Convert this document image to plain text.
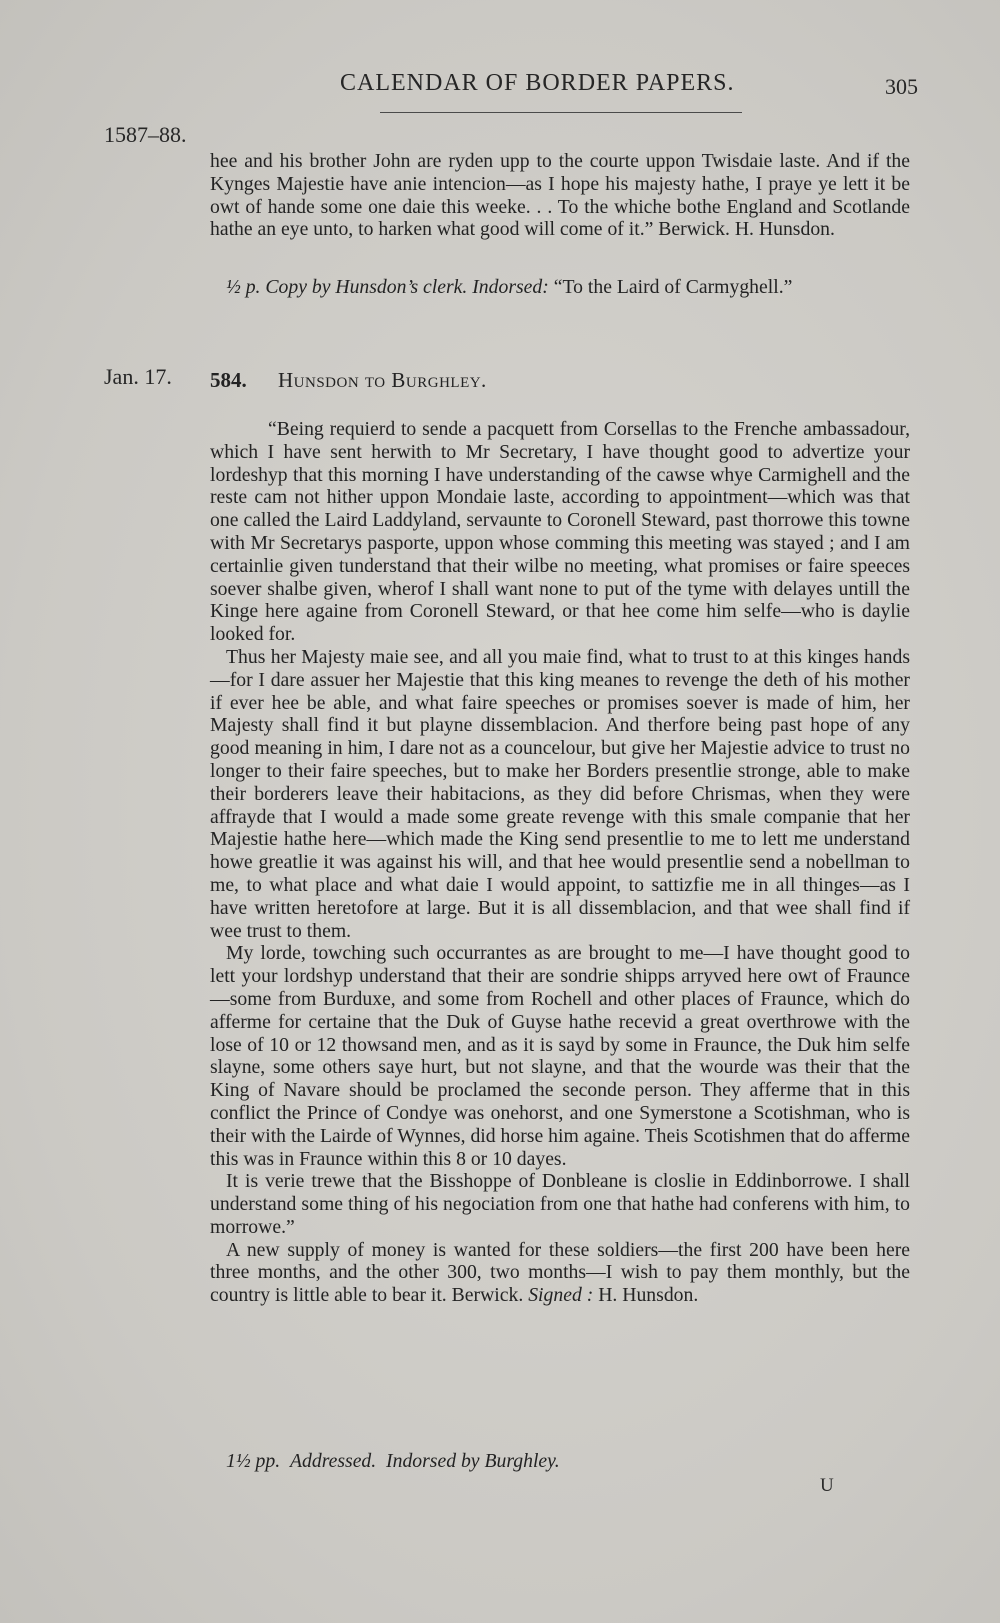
CALENDAR OF BORDER PAPERS.	305
1587–88.

hee and his brother John are ryden upp to the courte uppon Twisdaie laste. And if the Kynges Majestie have anie intencion—as I hope his majesty hathe, I praye ye lett it be owt of hande some one daie this weeke. . . To the whiche bothe England and Scotlande hathe an eye unto, to harken what good will come of it.” Berwick. H. Hunsdon.

½ p. Copy by Hunsdon’s clerk. Indorsed: “To the Laird of Carmyghell.”
Jan. 17. 584. Hunsdon to Burghley.

“Being requierd to sende a pacquett from Corsellas to the Frenche ambassadour, which I have sent herwith to Mr Secretary, I have thought good to advertize your lordeshyp that this morning I have understanding of the cawse whye Carmighell and the reste cam not hither uppon Mondaie laste, according to appointment—which was that one called the Laird Laddyland, servaunte to Coronell Steward, past thorrowe this towne with Mr Secretarys pasporte, uppon whose comming this meeting was stayed ; and I am certainlie given tunderstand that their wilbe no meeting, what promises or faire speeces soever shalbe given, wherof I shall want none to put of the tyme with delayes untill the Kinge here againe from Coronell Steward, or that hee come him selfe—who is daylie looked for.

Thus her Majesty maie see, and all you maie find, what to trust to at this kinges hands—for I dare assuer her Majestie that this king meanes to revenge the deth of his mother if ever hee be able, and what faire speeches or promises soever is made of him, her Majesty shall find it but playne dissemblacion. And therfore being past hope of any good meaning in him, I dare not as a councelour, but give her Majestie advice to trust no longer to their faire speeches, but to make her Borders presentlie stronge, able to make their borderers leave their habitacions, as they did before Chrismas, when they were affrayde that I would a made some greate revenge with this smale companie that her Majestie hathe here—which made the King send presentlie to me to lett me understand howe greatlie it was against his will, and that hee would presentlie send a nobellman to me, to what place and what daie I would appoint, to sattizfie me in all thinges—as I have written heretofore at large. But it is all dissemblacion, and that wee shall find if wee trust to them.

My lorde, towching such occurrantes as are brought to me—I have thought good to lett your lordshyp understand that their are sondrie shipps arryved here owt of Fraunce—some from Burduxe, and some from Rochell and other places of Fraunce, which do afferme for certaine that the Duk of Guyse hathe recevid a great overthrowe with the lose of 10 or 12 thowsand men, and as it is sayd by some in Fraunce, the Duk him selfe slayne, some others saye hurt, but not slayne, and that the wourde was their that the King of Navare should be proclamed the seconde person. They afferme that in this conflict the Prince of Condye was onehorst, and one Symerstone a Scotishman, who is their with the Lairde of Wynnes, did horse him againe. Theis Scotishmen that do afferme this was in Fraunce within this 8 or 10 dayes.

It is verie trewe that the Bisshoppe of Donbleane is closlie in Eddinborrowe. I shall understand some thing of his negociation from one that hathe had conferens with him, to morrowe.”

A new supply of money is wanted for these soldiers—the first 200 have been here three months, and the other 300, two months—I wish to pay them monthly, but the country is little able to bear it. Berwick. Signed : H. Hunsdon.

1½ pp. Addressed. Indorsed by Burghley.
U
